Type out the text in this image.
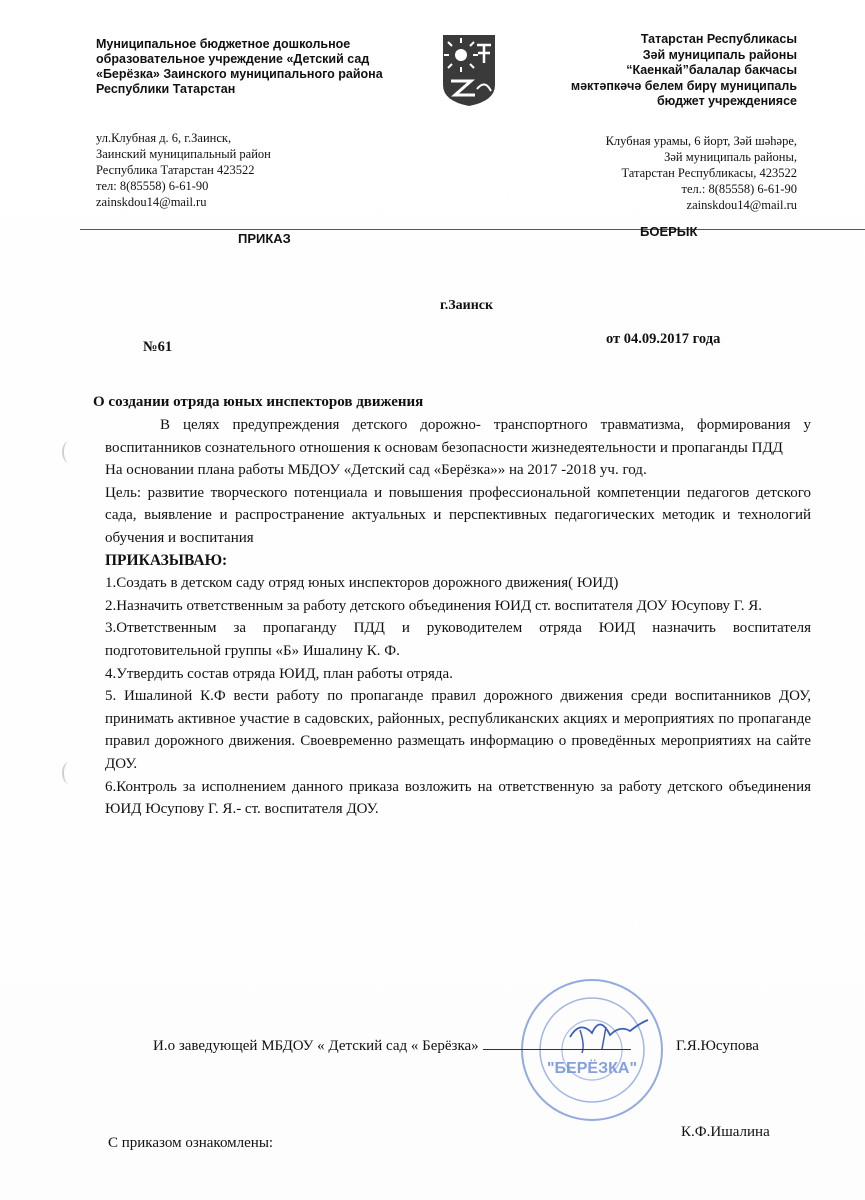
Муниципальное бюджетное дошкольное
образовательное учреждение «Детский сад
«Берёзка» Заинского муниципального района
Республики Татарстан
Татарстан Республикасы
Зәй муниципаль районы
“Каенкай”балалар бакчасы
мәктәпкәчә белем бирү муниципаль
бюджет учреждениясе
ул.Клубная д. 6, г.Заинск,
Заинский муниципальный район
Республика Татарстан 423522
тел: 8(85558) 6-61-90
zainskdou14@mail.ru
Клубная урамы, 6 йорт, Зәй шәһәре,
Зәй муниципаль районы,
Татарстан Республикасы, 423522
тел.: 8(85558) 6-61-90
zainskdou14@mail.ru
ПРИКАЗ	БОЕРЫК
г.Заинск
№61	от 04.09.2017 года
О создании отряда юных инспекторов движения
В целях предупреждения детского дорожно- транспортного травматизма, формирования у воспитанников сознательного отношения к основам безопасности жизнедеятельности и пропаганды ПДД
На основании плана работы МБДОУ «Детский сад «Берёзка»» на 2017 -2018 уч. год.
Цель: развитие творческого потенциала и повышения профессиональной компетенции педагогов детского сада, выявление и распространение актуальных и перспективных педагогических методик и технологий обучения и воспитания
ПРИКАЗЫВАЮ:
1.Создать в детском саду отряд юных инспекторов дорожного движения( ЮИД)
2.Назначить ответственным за работу детского объединения ЮИД ст. воспитателя ДОУ Юсупову Г. Я.
3.Ответственным за пропаганду ПДД и руководителем отряда ЮИД назначить воспитателя подготовительной группы «Б» Ишалину К. Ф.
4.Утвердить состав отряда ЮИД, план работы отряда.
5. Ишалиной К.Ф вести работу по пропаганде правил дорожного движения среди воспитанников ДОУ, принимать активное участие в садовских, районных, республиканских акциях и мероприятиях по пропаганде правил дорожного движения. Своевременно размещать информацию о проведённых мероприятиях на сайте ДОУ.
6.Контроль за исполнением данного приказа возложить на ответственную за работу детского объединения ЮИД Юсупову Г. Я.- ст. воспитателя ДОУ.
"БЕРЁЗКА"
И.о заведующей МБДОУ « Детский сад « Берёзка»	Г.Я.Юсупова
С приказом ознакомлены:
К.Ф.Ишалина
